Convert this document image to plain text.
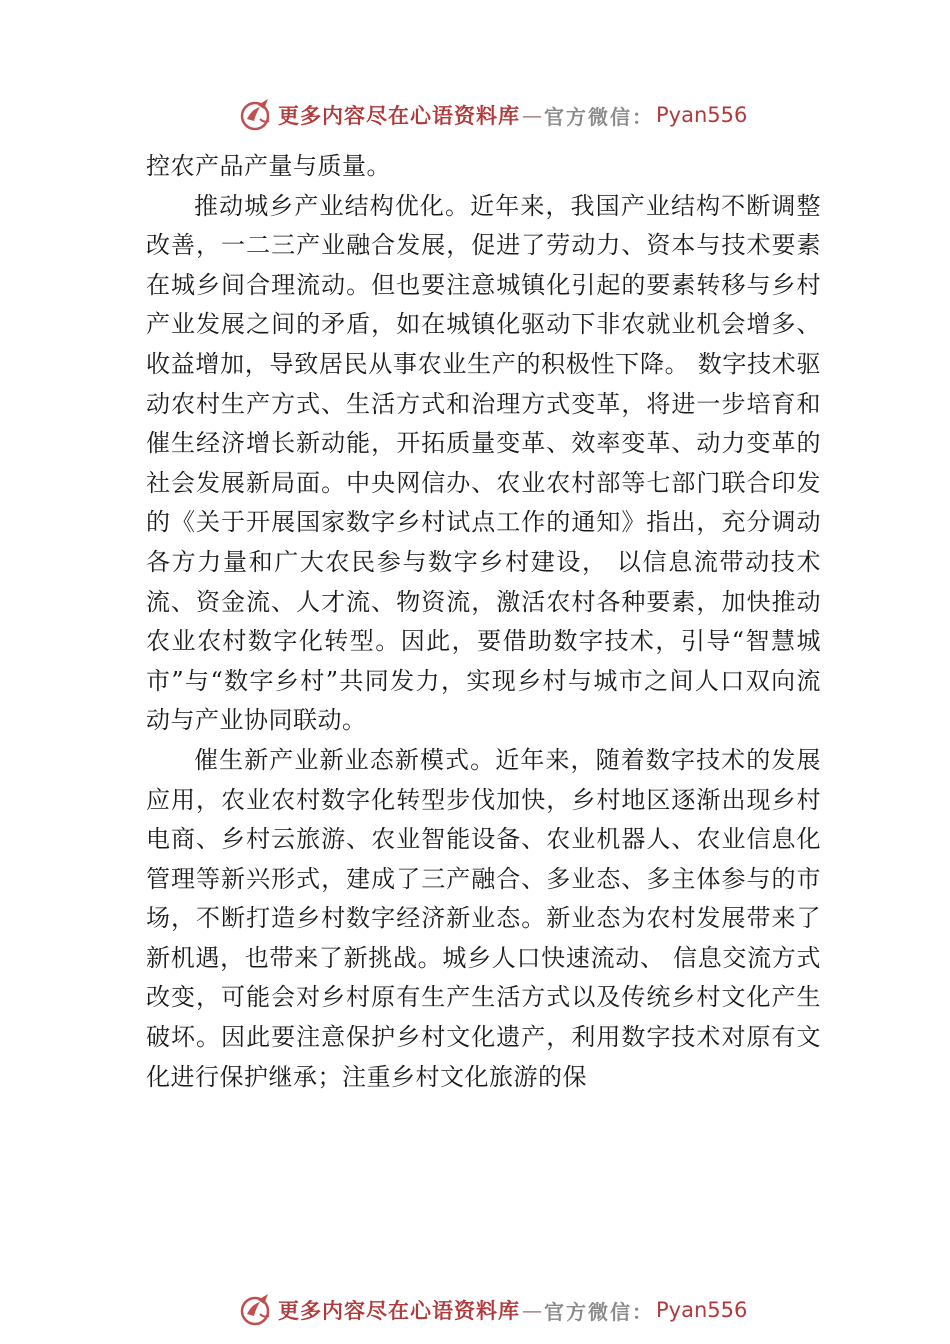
更多内容尽在心语资料库 — 官方微信： Pyan556

控农产品产量与质量。

推动城乡产业结构优化。近年来，我国产业结构不断调整改善，一二三产业融合发展，促进了劳动力、资本与技术要素在城乡间合理流动。但也要注意城镇化引起的要素转移与乡村产业发展之间的矛盾，如在城镇化驱动下非农就业机会增多、收益增加，导致居民从事农业生产的积极性下降。 数字技术驱动农村生产方式、生活方式和治理方式变革，将进一步培育和催生经济增长新动能，开拓质量变革、效率变革、动力变革的社会发展新局面。中央网信办、农业农村部等七部门联合印发的《关于开展国家数字乡村试点工作的通知》指出，充分调动各方力量和广大农民参与数字乡村建设， 以信息流带动技术流、资金流、人才流、物资流，激活农村各种要素，加快推动农业农村数字化转型。因此，要借助数字技术，引导“智慧城市”与“数字乡村”共同发力，实现乡村与城市之间人口双向流动与产业协同联动。

催生新产业新业态新模式。近年来，随着数字技术的发展应用，农业农村数字化转型步伐加快，乡村地区逐渐出现乡村电商、乡村云旅游、农业智能设备、农业机器人、农业信息化管理等新兴形式，建成了三产融合、多业态、多主体参与的市场，不断打造乡村数字经济新业态。新业态为农村发展带来了新机遇，也带来了新挑战。城乡人口快速流动、 信息交流方式改变，可能会对乡村原有生产生活方式以及传统乡村文化产生破坏。因此要注意保护乡村文化遗产，利用数字技术对原有文化进行保护继承；注重乡村文化旅游的保

更多内容尽在心语资料库 — 官方微信： Pyan556
